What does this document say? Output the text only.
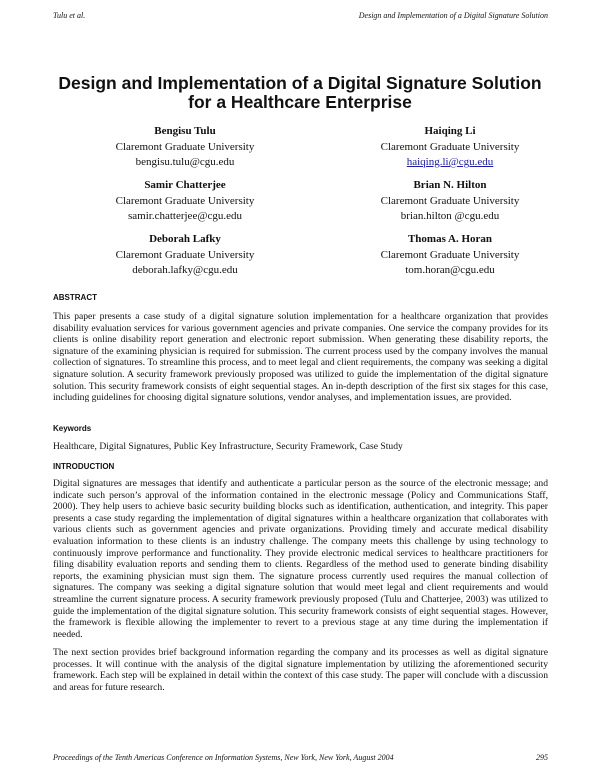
Tulu et al.	Design and Implementation of a Digital Signature Solution
Design and Implementation of a Digital Signature Solution
for a Healthcare Enterprise
Bengisu Tulu
Claremont Graduate University
bengisu.tulu@cgu.edu
Haiqing Li
Claremont Graduate University
haiqing.li@cgu.edu
Samir Chatterjee
Claremont Graduate University
samir.chatterjee@cgu.edu
Brian N. Hilton
Claremont Graduate University
brian.hilton @cgu.edu
Deborah Lafky
Claremont Graduate University
deborah.lafky@cgu.edu
Thomas A. Horan
Claremont Graduate University
tom.horan@cgu.edu
ABSTRACT
This paper presents a case study of a digital signature solution implementation for a healthcare organization that provides disability evaluation services for various government agencies and private companies. One service the company provides for its clients is online disability report generation and electronic report submission. When generating these disability reports, the signature of the examining physician is required for submission. The current process used by the company involves the manual collection of signatures. To streamline this process, and to meet legal and client requirements, the company was seeking a digital signature solution. A security framework previously proposed was utilized to guide the implementation of the digital signature solution. This security framework consists of eight sequential stages. An in-depth description of the first six stages for this case, including guidelines for choosing digital signature solutions, vendor analyses, and implementation issues, are provided.
Keywords
Healthcare, Digital Signatures, Public Key Infrastructure, Security Framework, Case Study
INTRODUCTION
Digital signatures are messages that identify and authenticate a particular person as the source of the electronic message; and indicate such person’s approval of the information contained in the electronic message (Policy and Communications Staff, 2000). They help users to achieve basic security building blocks such as identification, authentication, and integrity. This paper presents a case study regarding the implementation of digital signatures within a healthcare organization that collaborates with various clients such as government agencies and private organizations. Providing timely and accurate medical disability evaluation information to these clients is an industry challenge. The company meets this challenge by using technology to continuously improve performance and functionality. They provide electronic medical services to healthcare practitioners for filing disability evaluation reports and sending them to clients. Regardless of the method used to generate binding disability reports, the examining physician must sign them. The signature process currently used requires the manual collection of signatures. The company was seeking a digital signature solution that would meet legal and client requirements and would streamline the current signature process. A security framework previously proposed (Tulu and Chatterjee, 2003) was utilized to guide the implementation of the digital signature solution. This security framework consists of eight sequential stages. However, the framework is flexible allowing the implementer to revert to a previous stage at any time during the implementation if needed.
The next section provides brief background information regarding the company and its processes as well as digital signature processes. It will continue with the analysis of the digital signature implementation by utilizing the aforementioned security framework. Each step will be explained in detail within the context of this case study. The paper will conclude with a discussion and areas for future research.
Proceedings of the Tenth Americas Conference on Information Systems, New York, New York, August 2004	295
